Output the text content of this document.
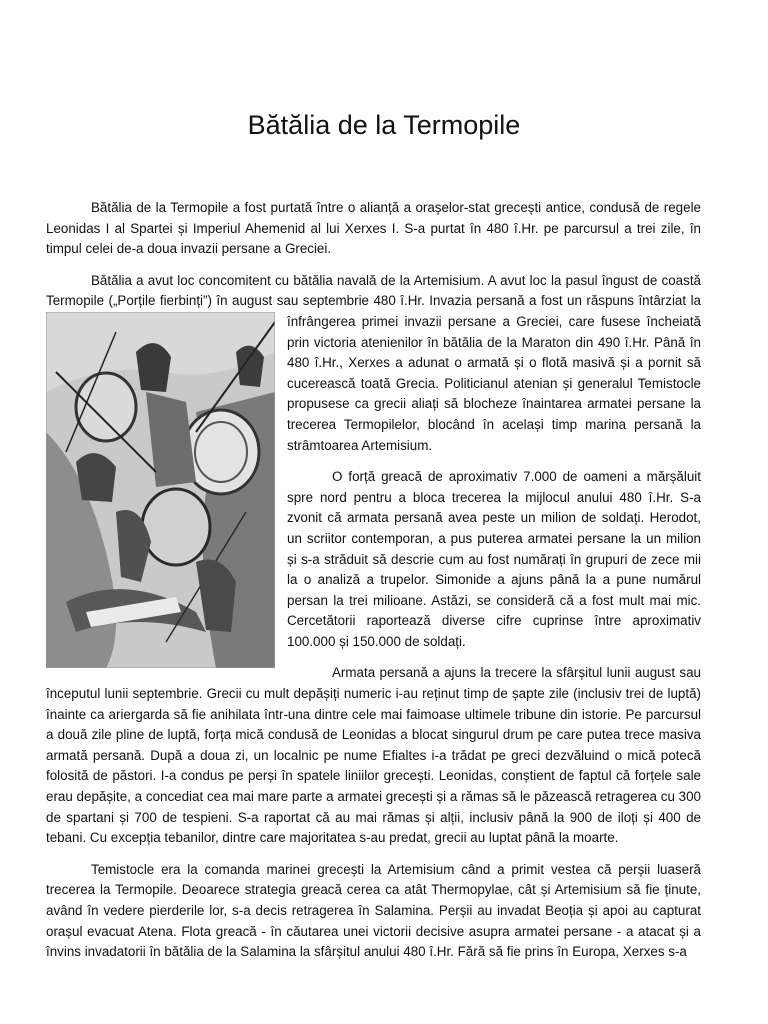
Bătălia de la Termopile

Bătălia de la Termopile a fost purtată între o alianță a orașelor-stat grecești antice, condusă de regele Leonidas I al Spartei și Imperiul Ahemenid al lui Xerxes I. S-a purtat în 480 î.Hr. pe parcursul a trei zile, în timpul celei de-a doua invazii persane a Greciei.

Bătălia a avut loc concomitent cu bătălia navală de la Artemisium. A avut loc la pasul îngust de coastă Termopile („Porțile fierbinți”) în august sau septembrie 480 î.Hr. Invazia persană a fost un răspuns întârziat la
înfrângerea primei invazii persane a Greciei, care fusese încheiată prin victoria atenienilor în bătălia de la Maraton din 490 î.Hr. Până în 480 î.Hr., Xerxes a adunat o armată și o flotă masivă și a pornit să cucerească toată Grecia. Politicianul atenian și generalul Temistocle propusese ca grecii aliați să blocheze înaintarea armatei persane la trecerea Termopilelor, blocând în același timp marina persană la strâmtoarea Artemisium.

O forță greacă de aproximativ 7.000 de oameni a mărșăluit spre nord pentru a bloca trecerea la mijlocul anului 480 î.Hr. S-a zvonit că armata persană avea peste un milion de soldați. Herodot, un scriitor contemporan, a pus puterea armatei persane la un milion și s-a străduit să descrie cum au fost numărați în grupuri de zece mii la o analiză a trupelor. Simonide a ajuns până la a pune numărul persan la trei milioane. Astăzi, se consideră că a fost mult mai mic. Cercetătorii raportează diverse cifre cuprinse între aproximativ 100.000 și 150.000 de soldați.

Armata persană a ajuns la trecere la sfârșitul lunii august sau începutul lunii septembrie. Grecii cu mult depășiți numeric i-au reținut timp de șapte zile (inclusiv trei de luptă) înainte ca ariergarda să fie anihilata într-una dintre cele mai faimoase ultimele tribune din istorie. Pe parcursul a două zile pline de luptă, forța mică condusă de Leonidas a blocat singurul drum pe care putea trece masiva armată persană. După a doua zi, un localnic pe nume Efialtes i-a trădat pe greci dezvăluind o mică potecă folosită de păstori. I-a condus pe perși în spatele liniilor grecești. Leonidas, conștient de faptul că forțele sale erau depășite, a concediat cea mai mare parte a armatei grecești și a rămas să le păzească retragerea cu 300 de spartani și 700 de tespieni. S-a raportat că au mai rămas și alții, inclusiv până la 900 de iloți și 400 de tebani. Cu excepția tebanilor, dintre care majoritatea s-au predat, grecii au luptat până la moarte.

Temistocle era la comanda marinei grecești la Artemisium când a primit vestea că perșii luaseră trecerea la Termopile. Deoarece strategia greacă cerea ca atât Thermopylae, cât și Artemisium să fie ținute, având în vedere pierderile lor, s-a decis retragerea în Salamina. Perșii au invadat Beoția și apoi au capturat orașul evacuat Atena. Flota greacă - în căutarea unei victorii decisive asupra armatei persane - a atacat și a învins invadatorii în bătălia de la Salamina la sfârșitul anului 480 î.Hr. Fără să fie prins în Europa, Xerxes s-a
